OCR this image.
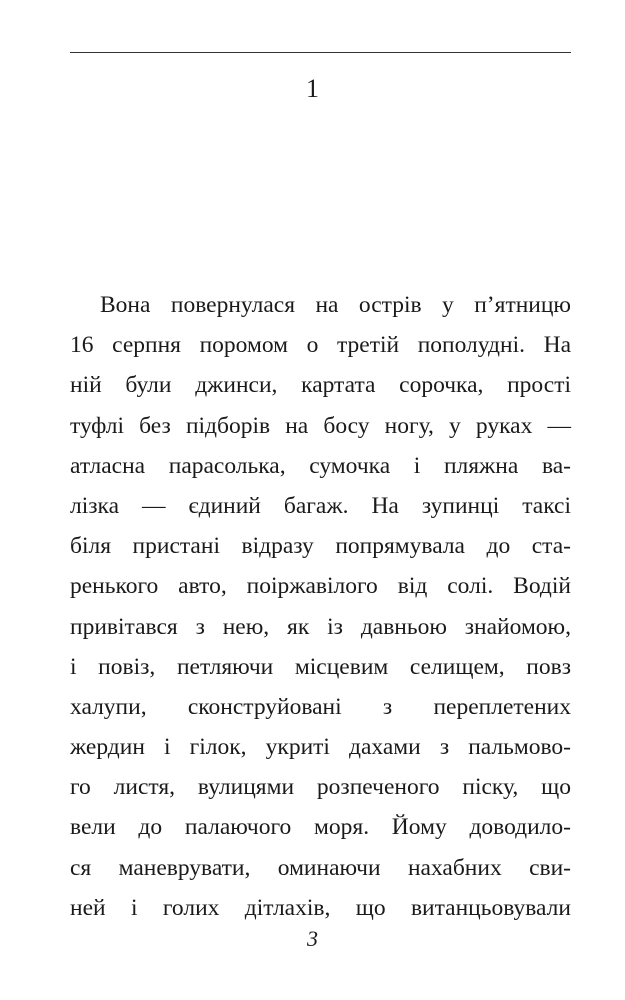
1
Вона повернулася на острів у п’ятницю
16 серпня поромом о третій пополудні. На
ній були джинси, картата сорочка, прості
туфлі без підборів на босу ногу, у руках —
атласна парасолька, сумочка і пляжна ва-
лізка — єдиний багаж. На зупинці таксі
біля пристані відразу попрямувала до ста-
ренького авто, поіржавілого від солі. Водій
привітався з нею, як із давньою знайомою,
і повіз, петляючи місцевим селищем, повз
халупи, сконструйовані з переплетених
жердин і гілок, укриті дахами з пальмово-
го листя, вулицями розпеченого піску, що
вели до палаючого моря. Йому доводило-
ся маневрувати, оминаючи нахабних сви-
ней і голих дітлахів, що витанцьовували
3
